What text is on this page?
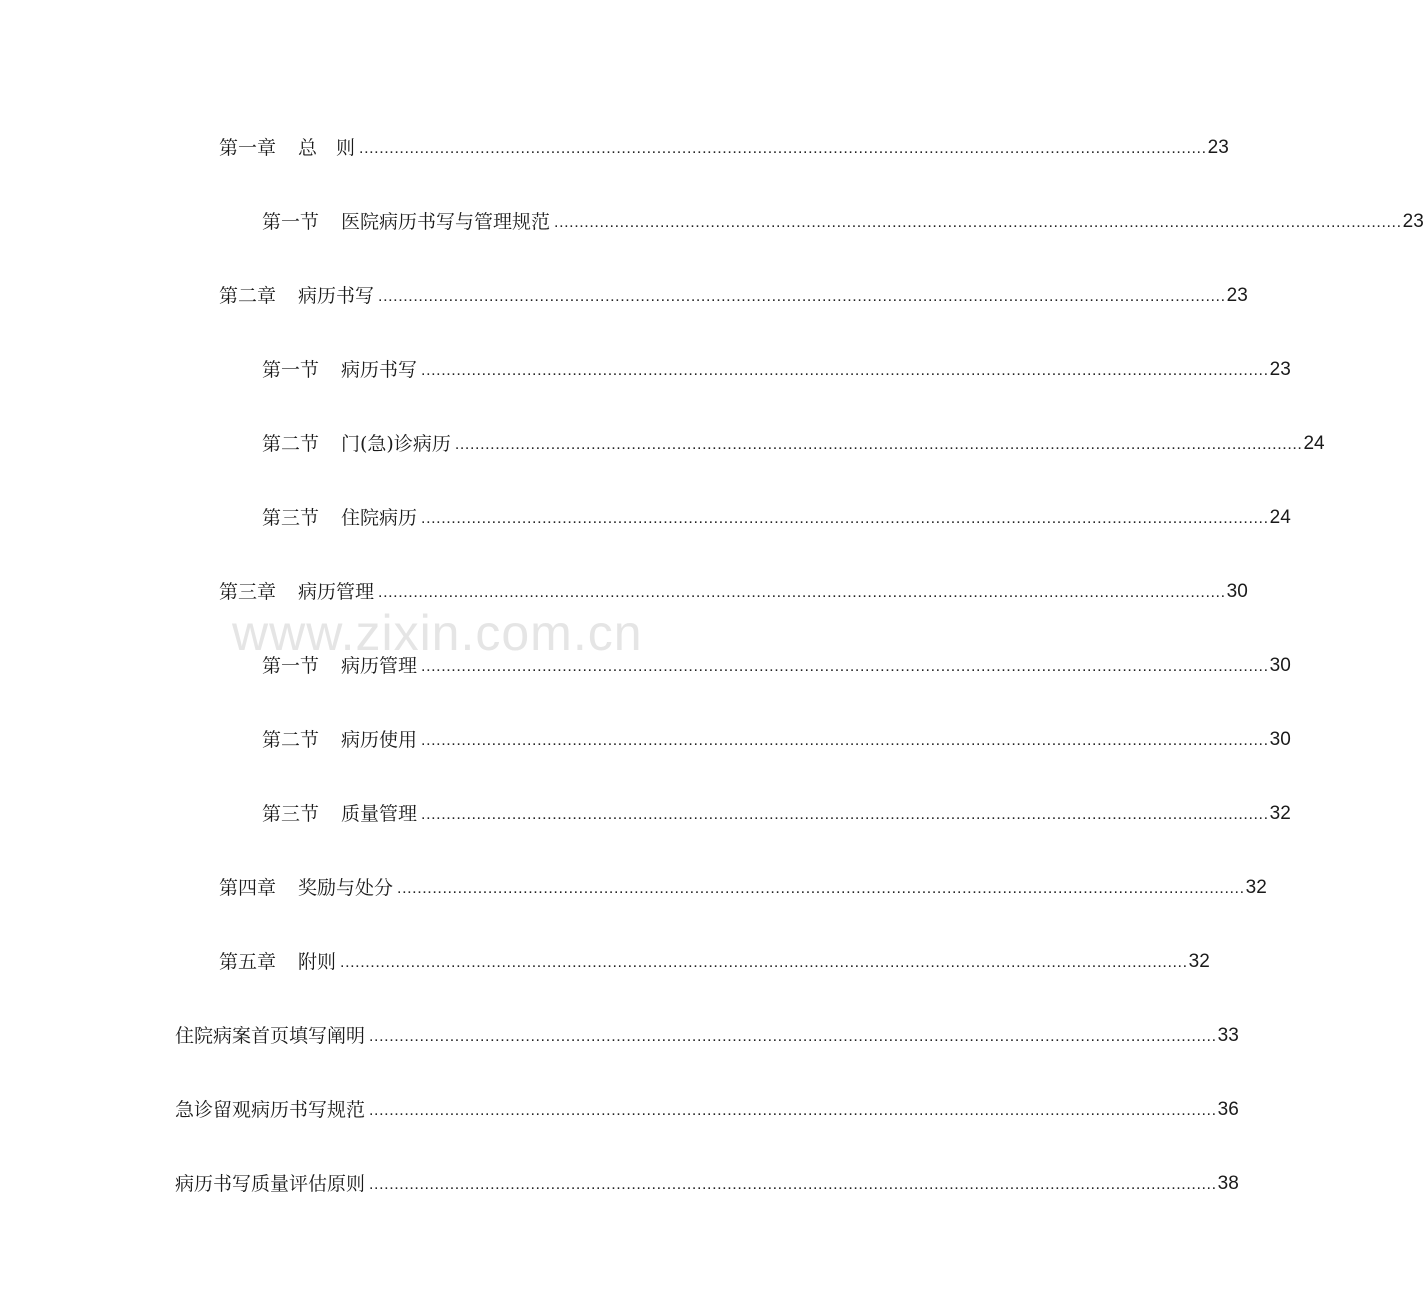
第一章 总　则 ........................................................................................................................................................................ 23
第一节 医院病历书写与管理规范 ........................................................................................................................................................................ 23
第二章 病历书写 ........................................................................................................................................................................ 23
第一节 病历书写 ........................................................................................................................................................................ 23
第二节 门(急)诊病历 ........................................................................................................................................................................ 24
第三节 住院病历 ........................................................................................................................................................................ 24
第三章 病历管理 ........................................................................................................................................................................ 30
第一节 病历管理 ........................................................................................................................................................................ 30
第二节 病历使用 ........................................................................................................................................................................ 30
第三节 质量管理 ........................................................................................................................................................................ 32
第四章 奖励与处分 ........................................................................................................................................................................ 32
第五章 附则 ........................................................................................................................................................................ 32
住院病案首页填写阐明 ........................................................................................................................................................................ 33
急诊留观病历书写规范 ........................................................................................................................................................................ 36
病历书写质量评估原则 ........................................................................................................................................................................ 38
www.zixin.com.cn
